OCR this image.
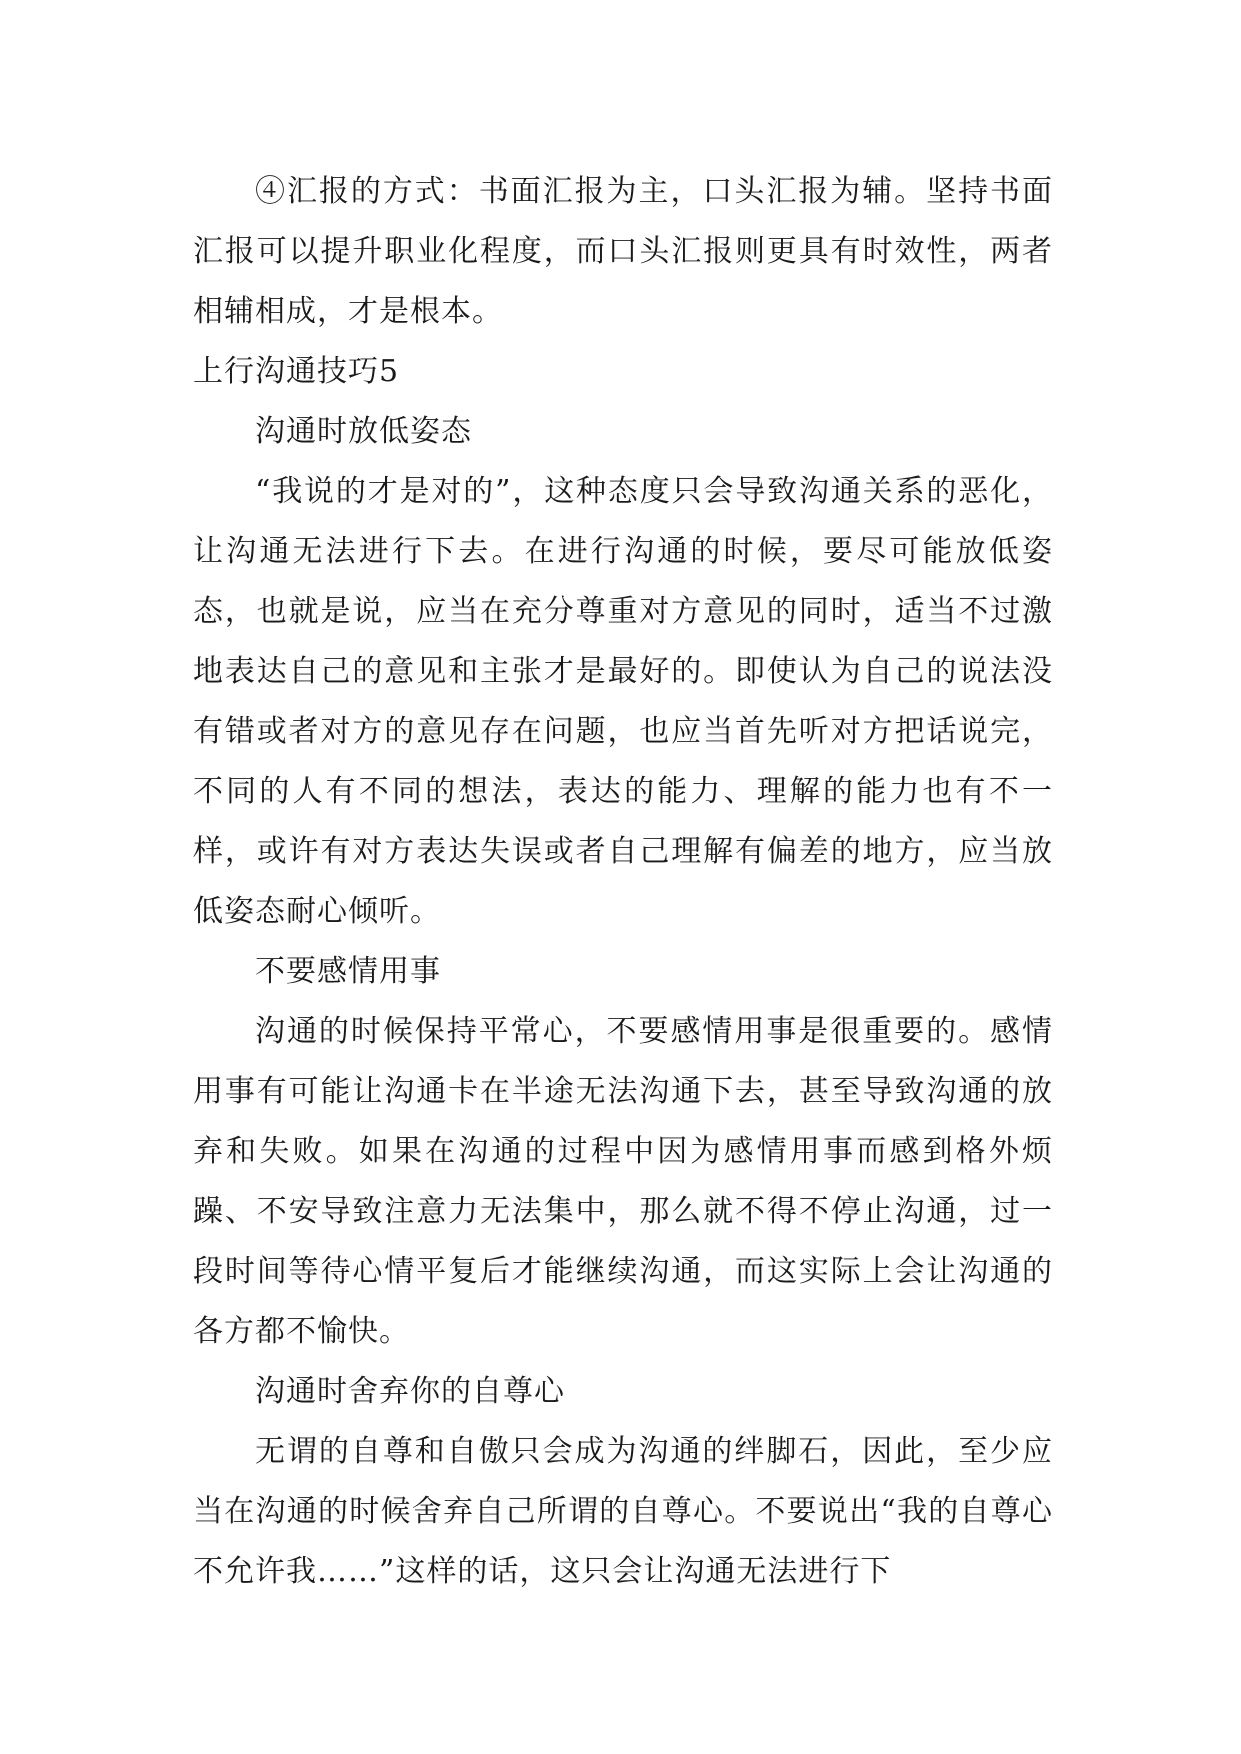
④汇报的方式：书面汇报为主，口头汇报为辅。坚持书面汇报可以提升职业化程度，而口头汇报则更具有时效性，两者相辅相成，才是根本。

上行沟通技巧5

沟通时放低姿态

“我说的才是对的”，这种态度只会导致沟通关系的恶化，让沟通无法进行下去。在进行沟通的时候，要尽可能放低姿态，也就是说，应当在充分尊重对方意见的同时，适当不过激地表达自己的意见和主张才是最好的。即使认为自己的说法没有错或者对方的意见存在问题，也应当首先听对方把话说完，不同的人有不同的想法，表达的能力、理解的能力也有不一样，或许有对方表达失误或者自己理解有偏差的地方，应当放低姿态耐心倾听。

不要感情用事

沟通的时候保持平常心，不要感情用事是很重要的。感情用事有可能让沟通卡在半途无法沟通下去，甚至导致沟通的放弃和失败。如果在沟通的过程中因为感情用事而感到格外烦躁、不安导致注意力无法集中，那么就不得不停止沟通，过一段时间等待心情平复后才能继续沟通，而这实际上会让沟通的各方都不愉快。

沟通时舍弃你的自尊心

无谓的自尊和自傲只会成为沟通的绊脚石，因此，至少应当在沟通的时候舍弃自己所谓的自尊心。不要说出“我的自尊心不允许我……”这样的话，这只会让沟通无法进行下
